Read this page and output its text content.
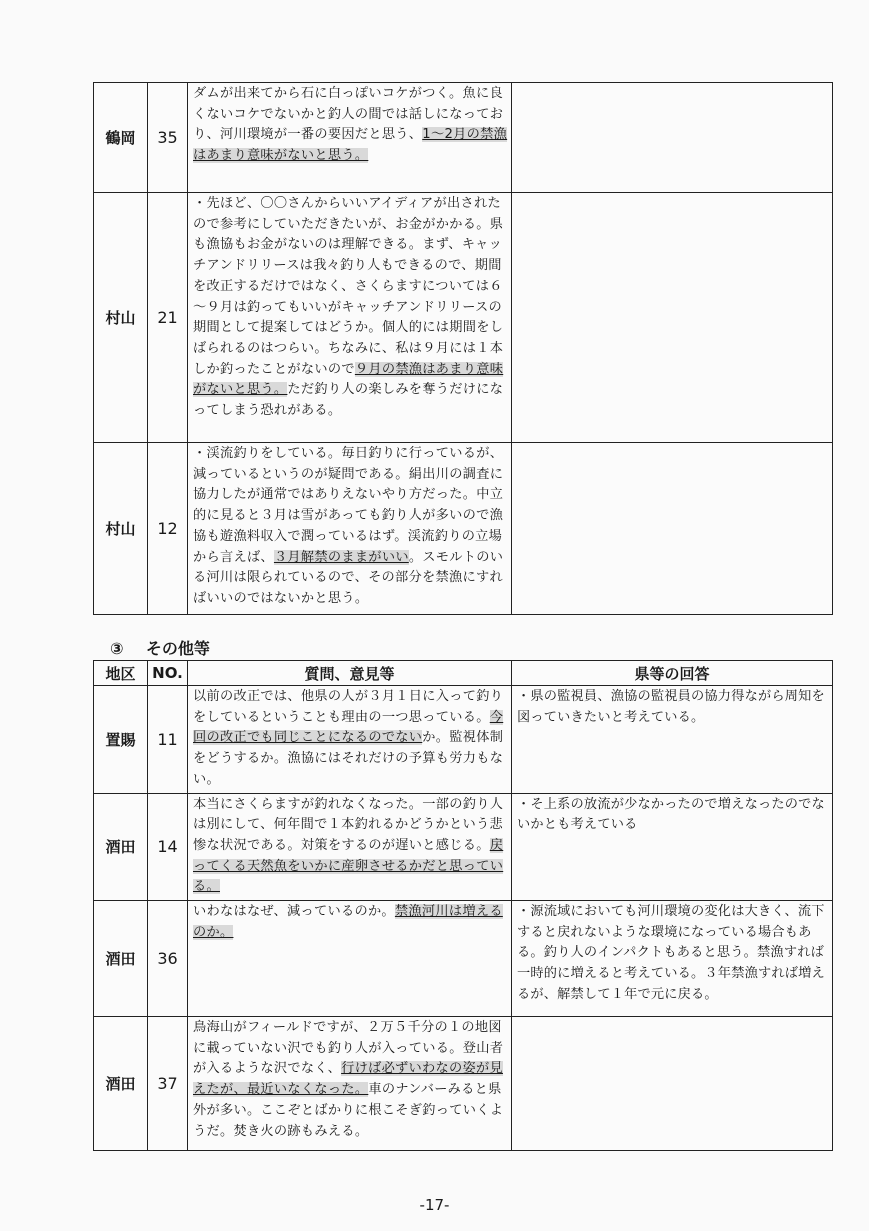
鶴岡	35	ダムが出来てから石に白っぽいコケがつく。魚に良くないコケでないかと釣人の間では話しになっており、河川環境が一番の要因だと思う、1～2月の禁漁はあまり意味がないと思う。	
村山	21	・先ほど、〇〇さんからいいアイディアが出されたので参考にしていただきたいが、お金がかかる。県も漁協もお金がないのは理解できる。まず、キャッチアンドリリースは我々釣り人もできるので、期間を改正するだけではなく、さくらますについては６～９月は釣ってもいいがキャッチアンドリリースの期間として提案してはどうか。個人的には期間をしばられるのはつらい。ちなみに、私は９月には１本しか釣ったことがないので９月の禁漁はあまり意味がないと思う。ただ釣り人の楽しみを奪うだけになってしまう恐れがある。	
村山	12	・渓流釣りをしている。毎日釣りに行っているが、減っているというのが疑問である。絹出川の調査に協力したが通常ではありえないやり方だった。中立的に見ると３月は雪があっても釣り人が多いので漁協も遊漁料収入で潤っているはず。渓流釣りの立場から言えば、３月解禁のままがいい。スモルトのいる河川は限られているので、その部分を禁漁にすればいいのではないかと思う。	
③ その他等
地区	NO.	質問、意見等	県等の回答
置賜	11	以前の改正では、他県の人が３月１日に入って釣りをしているということも理由の一つ思っている。今回の改正でも同じことになるのでないか。監視体制をどうするか。漁協にはそれだけの予算も労力もない。	・県の監視員、漁協の監視員の協力得ながら周知を図っていきたいと考えている。
酒田	14	本当にさくらますが釣れなくなった。一部の釣り人は別にして、何年間で１本釣れるかどうかという悲惨な状況である。対策をするのが遅いと感じる。戻ってくる天然魚をいかに産卵させるかだと思っている。	・そ上系の放流が少なかったので増えなったのでないかとも考えている
酒田	36	いわなはなぜ、減っているのか。禁漁河川は増えるのか。	・源流域においても河川環境の変化は大きく、流下すると戻れないような環境になっている場合もある。釣り人のインパクトもあると思う。禁漁すれば一時的に増えると考えている。３年禁漁すれば増えるが、解禁して１年で元に戻る。
酒田	37	鳥海山がフィールドですが、２万５千分の１の地図に載っていない沢でも釣り人が入っている。登山者が入るような沢でなく、行けば必ずいわなの姿が見えたが、最近いなくなった。車のナンバーみると県外が多い。ここぞとばかりに根こそぎ釣っていくようだ。焚き火の跡もみえる。	
-17-
